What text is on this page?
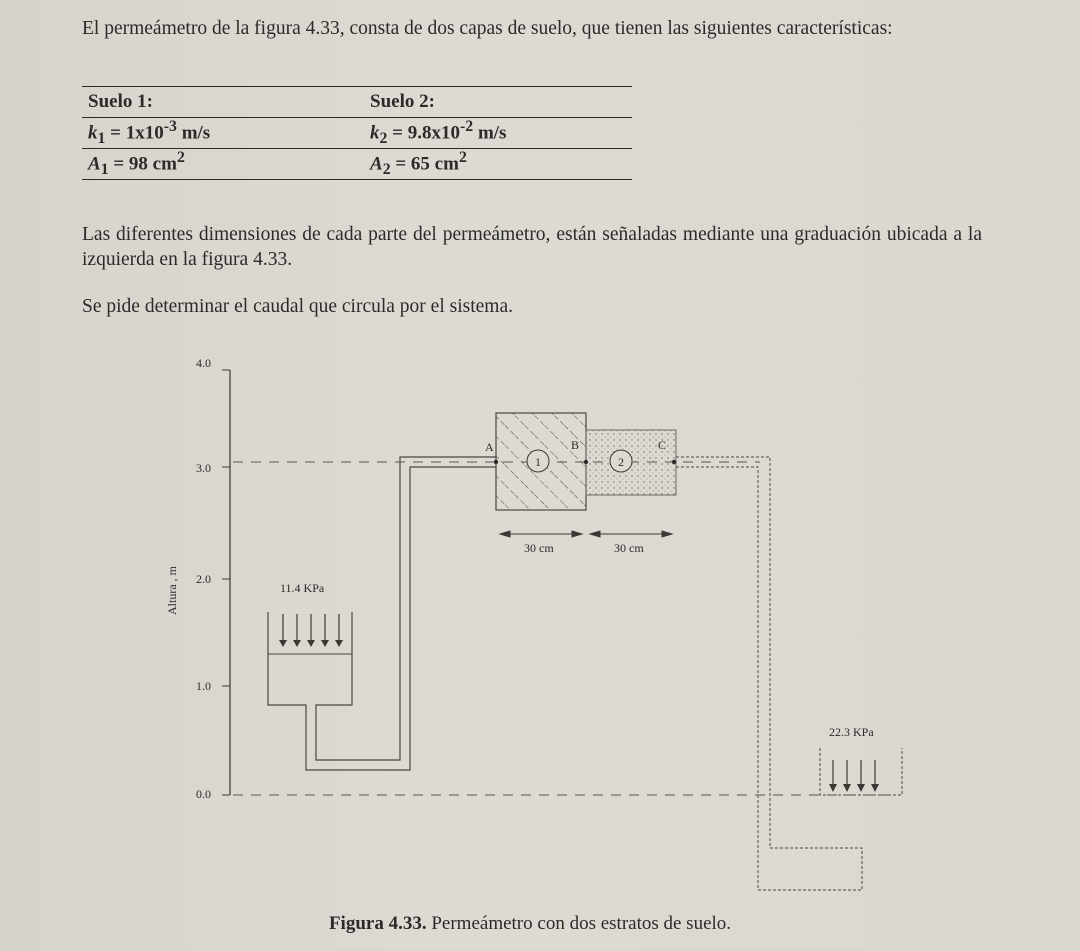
El permeámetro de la figura 4.33, consta de dos capas de suelo, que tienen las siguientes características:

Suelo 1:	Suelo 2:
$k_1 = 1x10^{-3}$ m/s	$k_2 = 9.8x10^{-2}$ m/s
$A_1 = 98$ $cm^2$	$A_2 = 65$ $cm^2$

Las diferentes dimensiones de cada parte del permeámetro, están señaladas mediante una graduación ubicada a la izquierda en la figura 4.33.

Se pide determinar el caudal que circula por el sistema.

4.0
3.0
2.0
1.0
0.0
Altura , m	11.4 KPa
1	2
A	B	C
30 cm	30 cm
22.3 KPa
Figura 4.33. Permeámetro con dos estratos de suelo.
